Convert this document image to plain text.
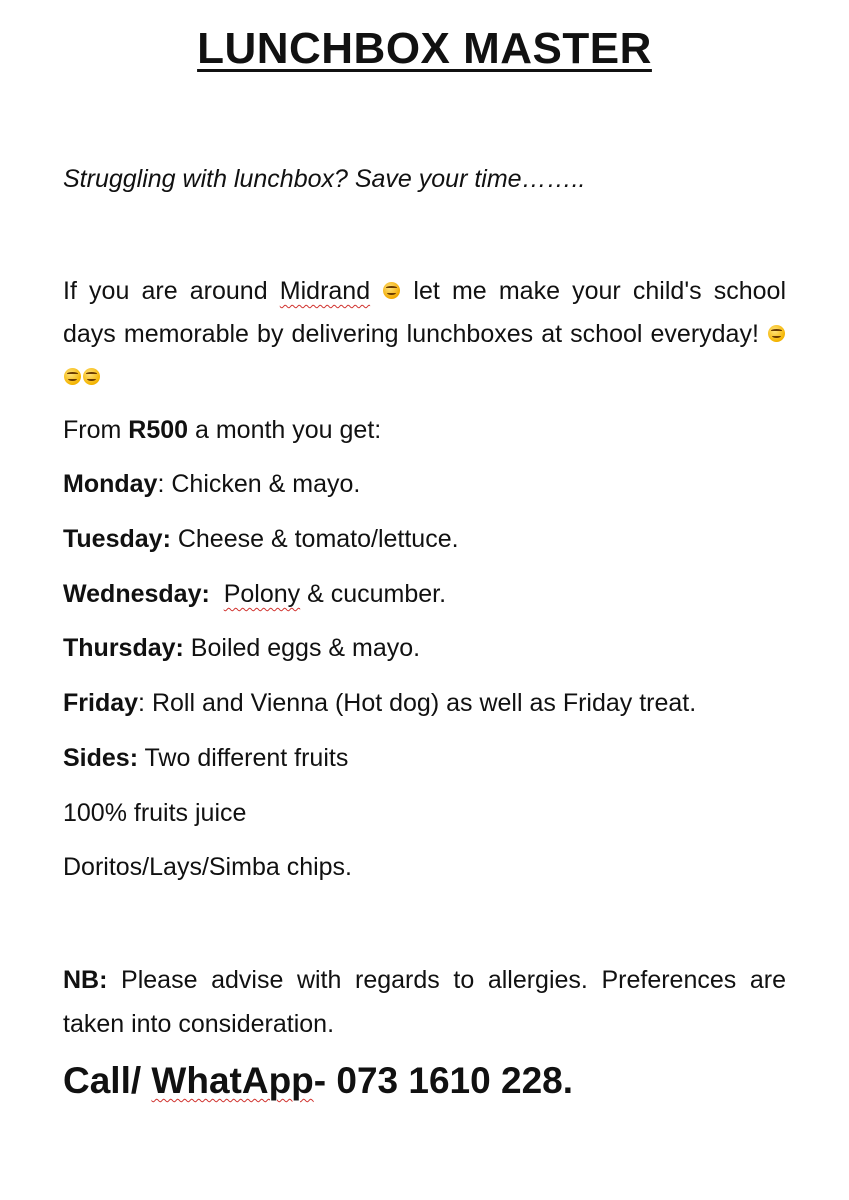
LUNCHBOX MASTER
Struggling with lunchbox? Save your time……..

If you are around Midrand  let me make your child's school days memorable by delivering lunchboxes at school everyday!

From R500 a month you get:
Monday: Chicken & mayo.
Tuesday: Cheese & tomato/lettuce.
Wednesday: Polony & cucumber.
Thursday: Boiled eggs & mayo.
Friday: Roll and Vienna (Hot dog) as well as Friday treat.
Sides: Two different fruits
100% fruits juice
Doritos/Lays/Simba chips.

NB: Please advise with regards to allergies. Preferences are taken into consideration.

Call/ WhatApp- 073 1610 228.
